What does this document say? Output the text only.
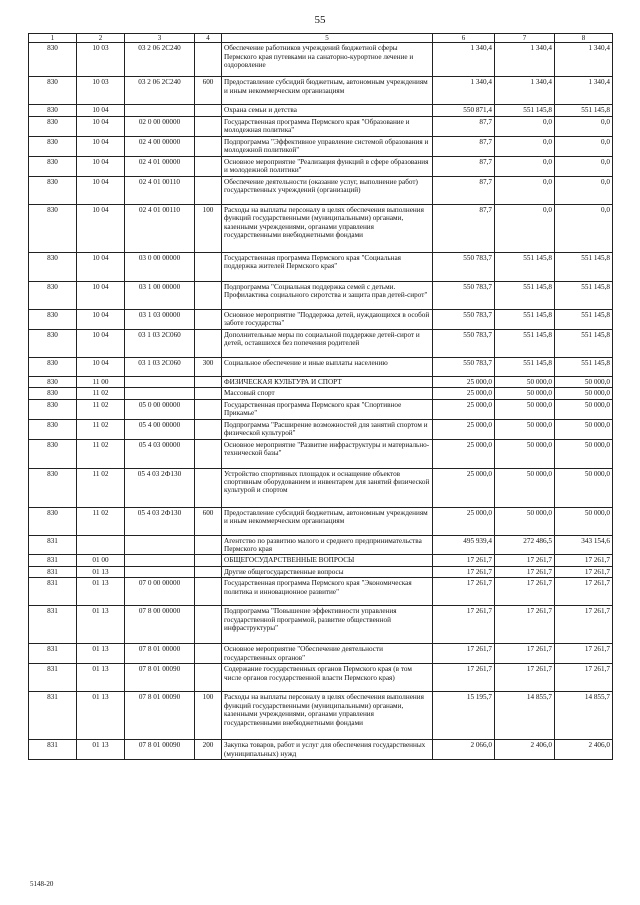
55
1	2	3	4	5	6	7	8
830	10 03	03 2 06 2С240		Обеспечение работников учреждений бюджетной сферы Пермского края путевками на санаторно-курортное лечение и оздоровление	1 340,4	1 340,4	1 340,4
830	10 03	03 2 06 2С240	600	Предоставление субсидий бюджетным, автономным учреждениям и иным некоммерческим организациям	1 340,4	1 340,4	1 340,4
830	10 04			Охрана семьи и детства	550 871,4	551 145,8	551 145,8
830	10 04	02 0 00 00000		Государственная программа Пермского края "Образование и молодежная политика"	87,7	0,0	0,0
830	10 04	02 4 00 00000		Подпрограмма "Эффективное управление системой образования и молодежной политикой"	87,7	0,0	0,0
830	10 04	02 4 01 00000		Основное мероприятие "Реализация функций в сфере образования и молодежной политики"	87,7	0,0	0,0
830	10 04	02 4 01 00110		Обеспечение деятельности (оказание услуг, выполнение работ) государственных учреждений (организаций)	87,7	0,0	0,0
830	10 04	02 4 01 00110	100	Расходы на выплаты персоналу в целях обеспечения выполнения функций государственными (муниципальными) органами, казенными учреждениями, органами управления государственными внебюджетными фондами	87,7	0,0	0,0
830	10 04	03 0 00 00000		Государственная программа Пермского края "Социальная поддержка жителей Пермского края"	550 783,7	551 145,8	551 145,8
830	10 04	03 1 00 00000		Подпрограмма "Социальная поддержка семей с детьми. Профилактика социального сиротства и защита прав детей-сирот"	550 783,7	551 145,8	551 145,8
830	10 04	03 1 03 00000		Основное мероприятие "Поддержка детей, нуждающихся в особой заботе государства"	550 783,7	551 145,8	551 145,8
830	10 04	03 1 03 2С060		Дополнительные меры по социальной поддержке детей-сирот и детей, оставшихся без попечения родителей	550 783,7	551 145,8	551 145,8
830	10 04	03 1 03 2С060	300	Социальное обеспечение и иные выплаты населению	550 783,7	551 145,8	551 145,8
830	11 00			ФИЗИЧЕСКАЯ КУЛЬТУРА И СПОРТ	25 000,0	50 000,0	50 000,0
830	11 02			Массовый спорт	25 000,0	50 000,0	50 000,0
830	11 02	05 0 00 00000		Государственная программа Пермского края "Спортивное Прикамье"	25 000,0	50 000,0	50 000,0
830	11 02	05 4 00 00000		Подпрограмма "Расширение возможностей для занятий спортом и физической культурой"	25 000,0	50 000,0	50 000,0
830	11 02	05 4 03 00000		Основное мероприятие "Развитие инфраструктуры и материально-технической базы"	25 000,0	50 000,0	50 000,0
830	11 02	05 4 03 2Ф130		Устройство спортивных площадок и оснащение объектов спортивным оборудованием и инвентарем для занятий физической культурой и спортом	25 000,0	50 000,0	50 000,0
830	11 02	05 4 03 2Ф130	600	Предоставление субсидий бюджетным, автономным учреждениям и иным некоммерческим организациям	25 000,0	50 000,0	50 000,0
831				Агентство по развитию малого и среднего предпринимательства Пермского края	495 939,4	272 486,5	343 154,6
831	01 00			ОБЩЕГОСУДАРСТВЕННЫЕ ВОПРОСЫ	17 261,7	17 261,7	17 261,7
831	01 13			Другие общегосударственные вопросы	17 261,7	17 261,7	17 261,7
831	01 13	07 0 00 00000		Государственная программа Пермского края "Экономическая политика и инновационное развитие"	17 261,7	17 261,7	17 261,7
831	01 13	07 8 00 00000		Подпрограмма "Повышение эффективности управления государственной программой, развитие общественной инфраструктуры"	17 261,7	17 261,7	17 261,7
831	01 13	07 8 01 00000		Основное мероприятие "Обеспечение деятельности государственных органов"	17 261,7	17 261,7	17 261,7
831	01 13	07 8 01 00090		Содержание государственных органов Пермского края (в том числе органов государственной власти Пермского края)	17 261,7	17 261,7	17 261,7
831	01 13	07 8 01 00090	100	Расходы на выплаты персоналу в целях обеспечения выполнения функций государственными (муниципальными) органами, казенными учреждениями, органами управления государственными внебюджетными фондами	15 195,7	14 855,7	14 855,7
831	01 13	07 8 01 00090	200	Закупка товаров, работ и услуг для обеспечения государственных (муниципальных) нужд	2 066,0	2 406,0	2 406,0
5148-20
